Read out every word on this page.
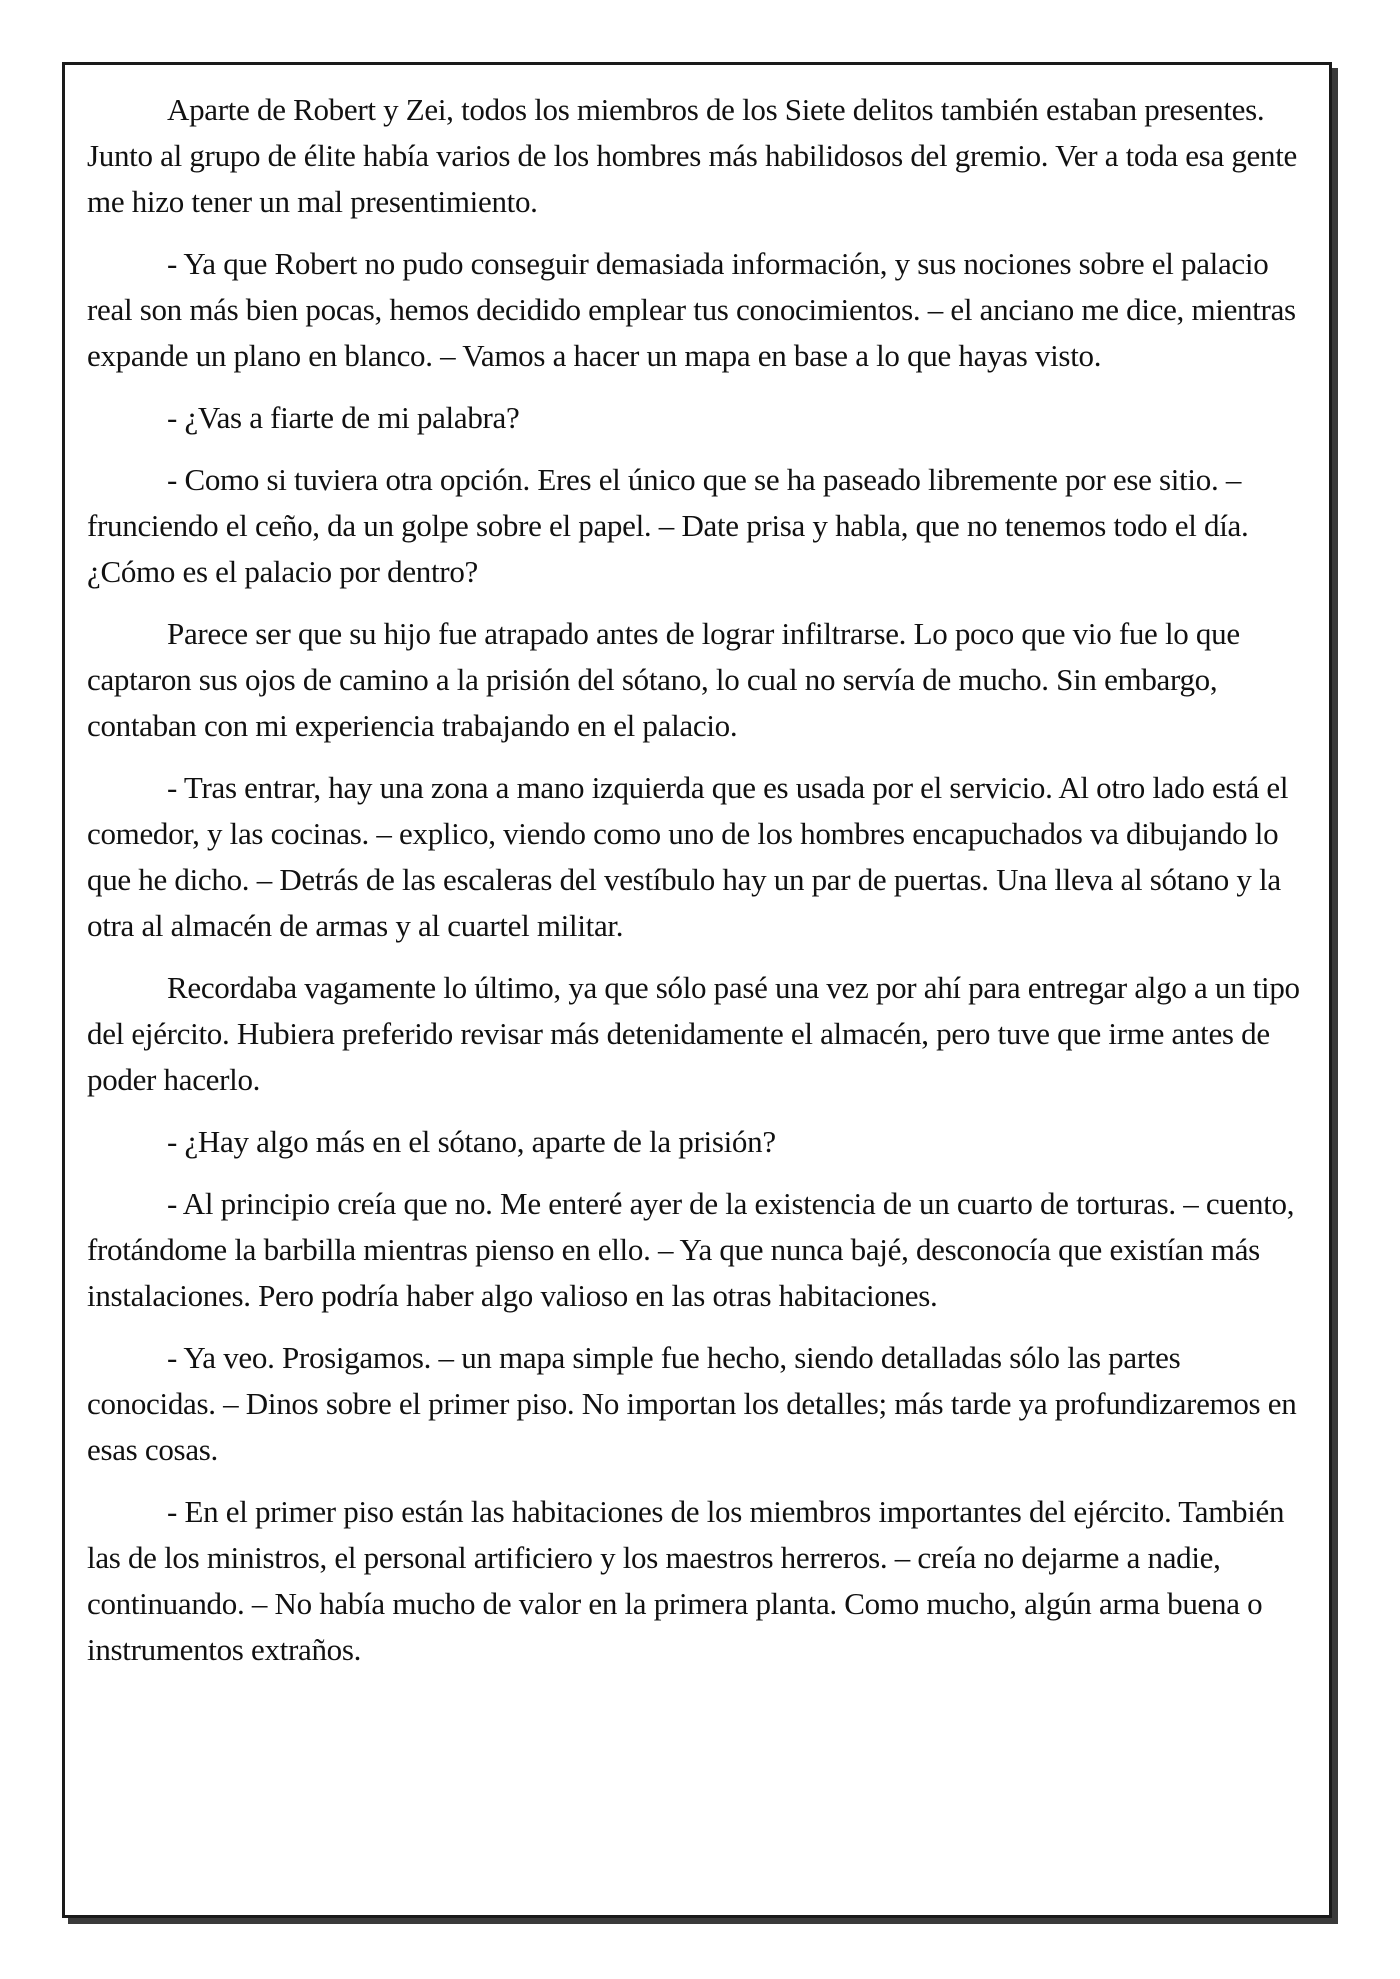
Aparte de Robert y Zei, todos los miembros de los Siete delitos también estaban presentes. Junto al grupo de élite había varios de los hombres más habilidosos del gremio. Ver a toda esa gente me hizo tener un mal presentimiento.

- Ya que Robert no pudo conseguir demasiada información, y sus nociones sobre el palacio real son más bien pocas, hemos decidido emplear tus conocimientos. – el anciano me dice, mientras expande un plano en blanco. – Vamos a hacer un mapa en base a lo que hayas visto.

- ¿Vas a fiarte de mi palabra?

- Como si tuviera otra opción. Eres el único que se ha paseado libremente por ese sitio. – frunciendo el ceño, da un golpe sobre el papel. – Date prisa y habla, que no tenemos todo el día. ¿Cómo es el palacio por dentro?

Parece ser que su hijo fue atrapado antes de lograr infiltrarse. Lo poco que vio fue lo que captaron sus ojos de camino a la prisión del sótano, lo cual no servía de mucho. Sin embargo, contaban con mi experiencia trabajando en el palacio.

- Tras entrar, hay una zona a mano izquierda que es usada por el servicio. Al otro lado está el comedor, y las cocinas. – explico, viendo como uno de los hombres encapuchados va dibujando lo que he dicho. – Detrás de las escaleras del vestíbulo hay un par de puertas. Una lleva al sótano y la otra al almacén de armas y al cuartel militar.

Recordaba vagamente lo último, ya que sólo pasé una vez por ahí para entregar algo a un tipo del ejército. Hubiera preferido revisar más detenidamente el almacén, pero tuve que irme antes de poder hacerlo.

- ¿Hay algo más en el sótano, aparte de la prisión?

- Al principio creía que no. Me enteré ayer de la existencia de un cuarto de torturas. – cuento, frotándome la barbilla mientras pienso en ello. – Ya que nunca bajé, desconocía que existían más instalaciones. Pero podría haber algo valioso en las otras habitaciones.

- Ya veo. Prosigamos. – un mapa simple fue hecho, siendo detalladas sólo las partes conocidas. – Dinos sobre el primer piso. No importan los detalles; más tarde ya profundizaremos en esas cosas.

- En el primer piso están las habitaciones de los miembros importantes del ejército. También las de los ministros, el personal artificiero y los maestros herreros. – creía no dejarme a nadie, continuando. – No había mucho de valor en la primera planta. Como mucho, algún arma buena o instrumentos extraños.
